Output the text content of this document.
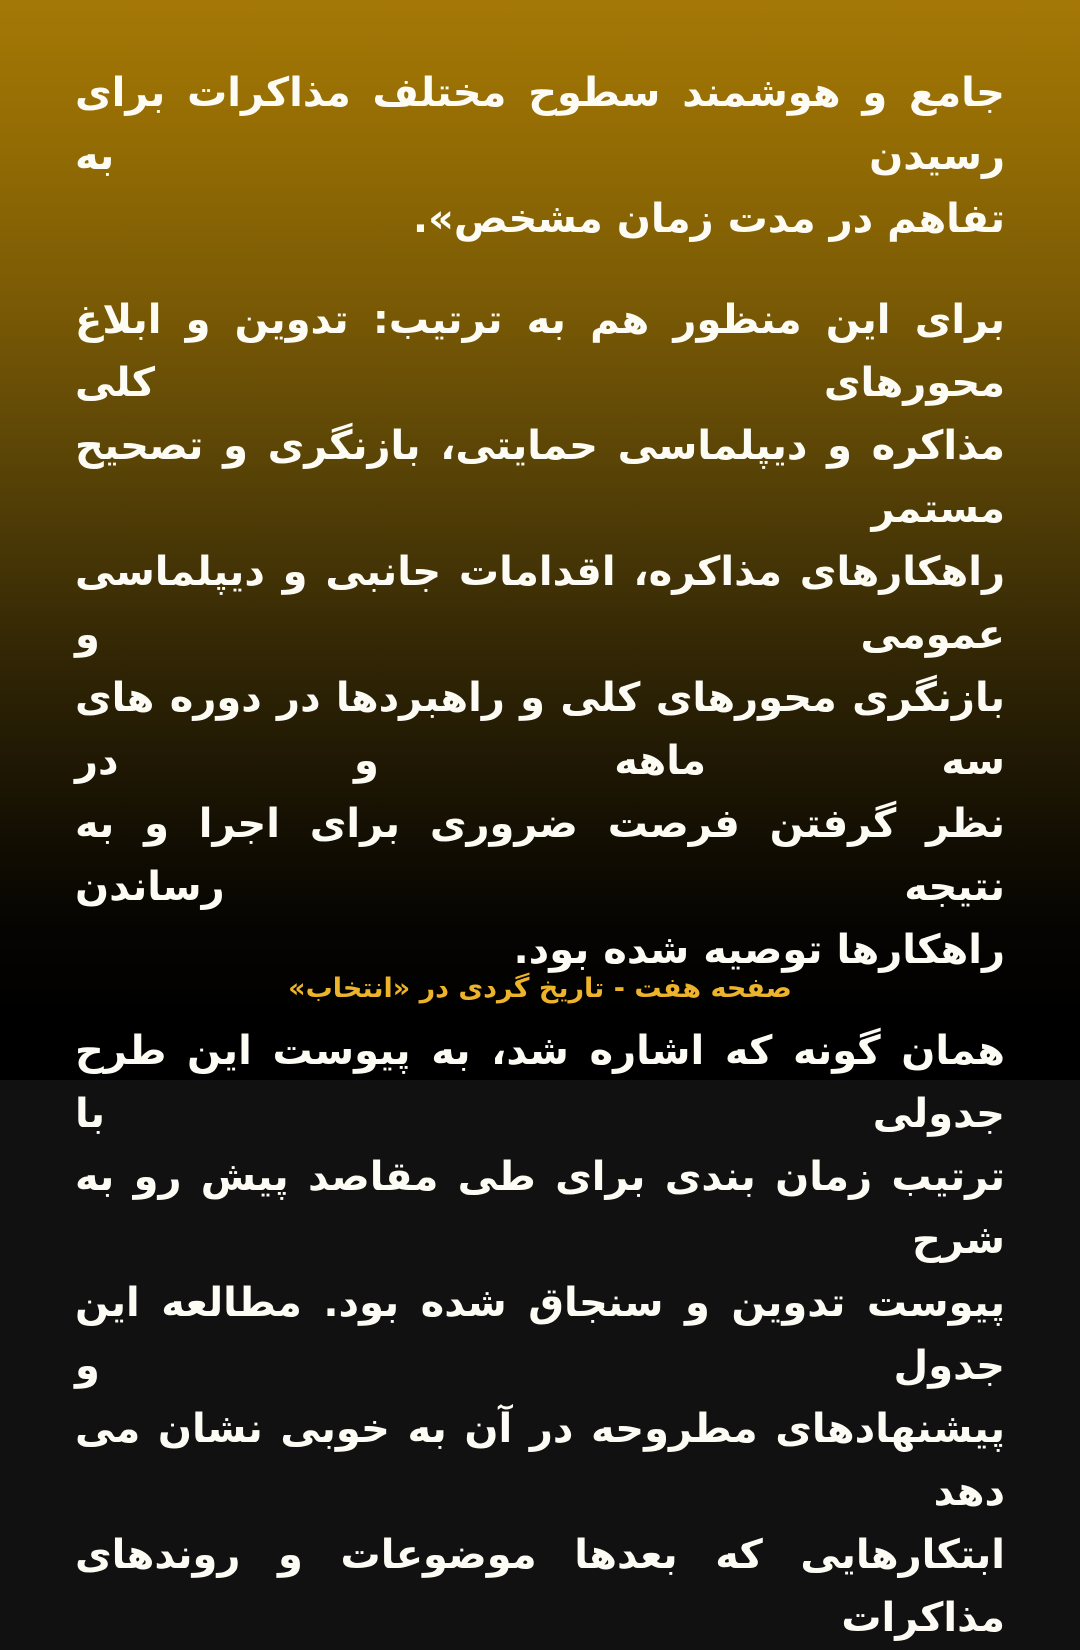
جامع و هوشمند سطوح مختلف مذاکرات برای رسیدن به
تفاهم در مدت زمان مشخص».
برای این منظور هم به ترتیب: تدوین و ابلاغ محورهای کلی
مذاکره و دیپلماسی حمایتی، بازنگری و تصحیح مستمر
راهکارهای مذاکره، اقدامات جانبی و دیپلماسی عمومی و
بازنگری محورهای کلی و راهبردها در دوره های سه ماهه و در
نظر گرفتن فرصت ضروری برای اجرا و به نتیجه رساندن
راهکارها توصیه شده بود.
همان گونه که اشاره شد، به پیوست این طرح جدولی با
ترتیب زمان بندی برای طی مقاصد پیش رو به شرح
پیوست تدوین و سنجاق شده بود. مطالعه این جدول و
پیشنهادهای مطروحه در آن به خوبی نشان می دهد
ابتکارهایی که بعدها موضوعات و روندهای مذاکرات
صفحه هفت - تاریخ گردی در «انتخاب»
